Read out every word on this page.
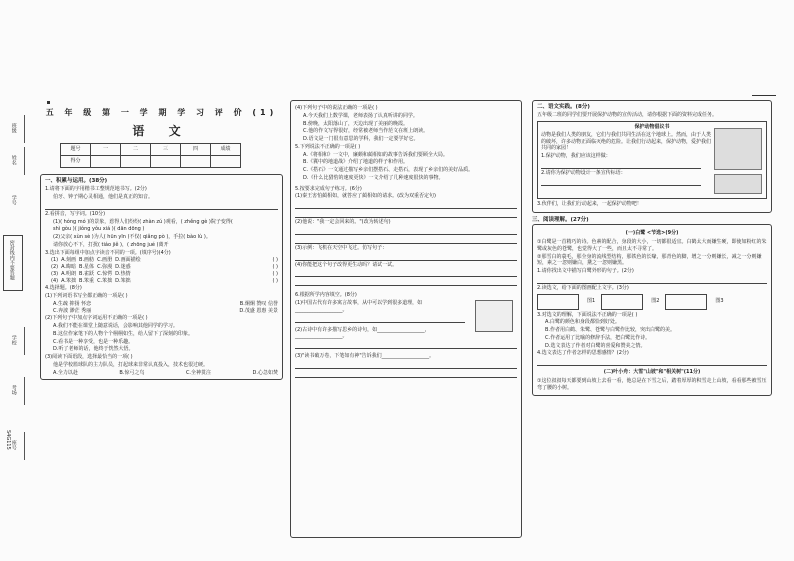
班级
姓名
学号
密封线内不要答题
学校
考场
座号
S4G115
五 年 级 第 一 学 期 学 习 评 价 (1)
语 文
题号	一	二	三	四	成绩
得分					
一、积累与运用。(38分)
1.请将下面的字用楷书工整规范地书写。(2分)
伯牙、钟子期心灵相通，他们是真正的知音。
2.看拼音，写字词。(10分)
(1)( hóng mó )的景象，惹得人们纷纷( zhàn zú )观看，( zhěng gè )院子变得(
shì gòu )( jiǒng yǒu xiá )( dān dōng )
(2)父亲( xùn sè )为人( hūn yīn )不仅( qiǎng pò )，手拉( bào lù )。
请你放心不下，打扰( tiáo jiě )，( zhōng jué )离开
3.选出下面每组中加点字读音不同的一项。(填序号)(4分)
(1) A.刻画 B.画舫 C.画册 D.画面描绘	( )
(2) A.晦暗 B.星体 C.弥漫 D.迷惑	( )
(3) A.明朗 B.雀跃 C.惊愕 D.热情	( )
(4) A.笨拙 B.笨重 C.笨拙 D.笨拙	( )
4.选择题。(8分)
(1)下列词语书写全都正确的一项是( )
A.生疏 抑扬 怀恋	B.炯炯 赞叹 信誉
C.奔波 渺茫 秀丽	D.茂盛 恩惠 美景
(2)下列句子中加点字词运用不正确的一项是( )
A.我们不能在课堂上随意说话，会影响其他同学的学习。
B.这位作家笔下的人物个个栩栩如生，给人留下了深刻的印象。
C.看书是一种享受，也是一种乐趣。
D.听了老师的话，他终于恍然大悟。
(3)阅读下面语段，选择最恰当的一项( )
他是学校篮球队的主力队员，打起球来非常认真投入，技术也很过硬。
A.全力以赴	B.惊弓之鸟	C.全神贯注	D.心急如焚
(4)下列句子中的说法正确的一项是( )
A.今天我们上数学课，老师表扬了认真听讲的同学。
B.傍晚，太阳落山了，天边出现了美丽的晚霞。
C.他的作文写得很好，经常被老师当作范文在班上朗读。
D.语文是一门很有意思的学科，我们一定要学好它。
5.下列说法不正确的一项是( )
A.《将相和》一文中，廉颇和蔺相如的故事告诉我们要顾全大局。
B.《冀中的地道战》介绍了地道的样子和作用。
C.《搭石》一文通过描写乡亲们摆搭石、走搭石，表现了乡亲们的美好品质。
D.《什么比猎豹的速度更快》一文介绍了几种速度很快的事物。
5.按要求完成句子练习。(6分)
(1)秦王害怕蔺相如，就答应了蔺相如的请求。(改为双重否定句)
(2)他说："我一定会回来的。"(改为转述句)
(3)示例：飞机在天空中飞过。仿写句子：
(4)你能把这个句子改得更生动吗？请试一试。
6.根据所学内容填空。(8分)
(1)中国古代有许多寓言故事，从中可以学到很多道理，如___________________。
(2)古诗中有许多描写思乡的诗句，如___________________，___________________。
(3)"读书破万卷，下笔如有神"告诉我们___________________。
二、语文实践。(8分)
五年级二班的同学们要开展保护动物的宣传活动，请你根据下面的资料完成任务。
保护动物倡议书
动物是我们人类的朋友，它们与我们共同生活在这个地球上。然而，由于人类的破坏，许多动物正面临灭绝的危险。让我们行动起来，保护动物，爱护我们共同的家园！
1.保护动物，我们应该这样做：
2.请你为保护动物设计一条宣传标语：
3.伙伴们，让我们行动起来，一起保护动物吧！
三、阅读理解。(27分)
(一)白鹭 <节选>(9分)
①白鹭是一首精巧的诗。色素的配合，身段的大小，一切都很适宜。白鹤太大而嫌生硬，即使如粉红的朱鹭或灰色的苍鹭，也觉得大了一些，而且太不寻常了。
②那雪白的蓑毛，那全身的流线型结构，那铁色的长喙，那青色的脚，增之一分则嫌长，减之一分则嫌短，素之一忽则嫌白，黛之一忽则嫌黑。
1.请你找出文中描写白鹭外形的句子。(2分)
2.读选文，给下面的图画配上文字。(3分)
图1	图2	图3
3.对选文的理解，下面说法不正确的一项是( )
A.白鹭的颜色和身段都恰到好处。
B.作者用白鹤、朱鹭、苍鹭与白鹭作比较，突出白鹭的美。
C.作者运用了比喻的修辞手法，把白鹭比作诗。
D.选文表达了作者对白鹭的喜爱和赞美之情。
4.选文表达了作者怎样的思想感情？(2分)
(二)叶小舟：大雪"山坡"和"相关树"(11分)
①这位叔叔每天都要到山坡上去看一看，他总是在下雪之后，踏着厚厚的积雪走上山坡，看看那些被雪压弯了腰的小树。
